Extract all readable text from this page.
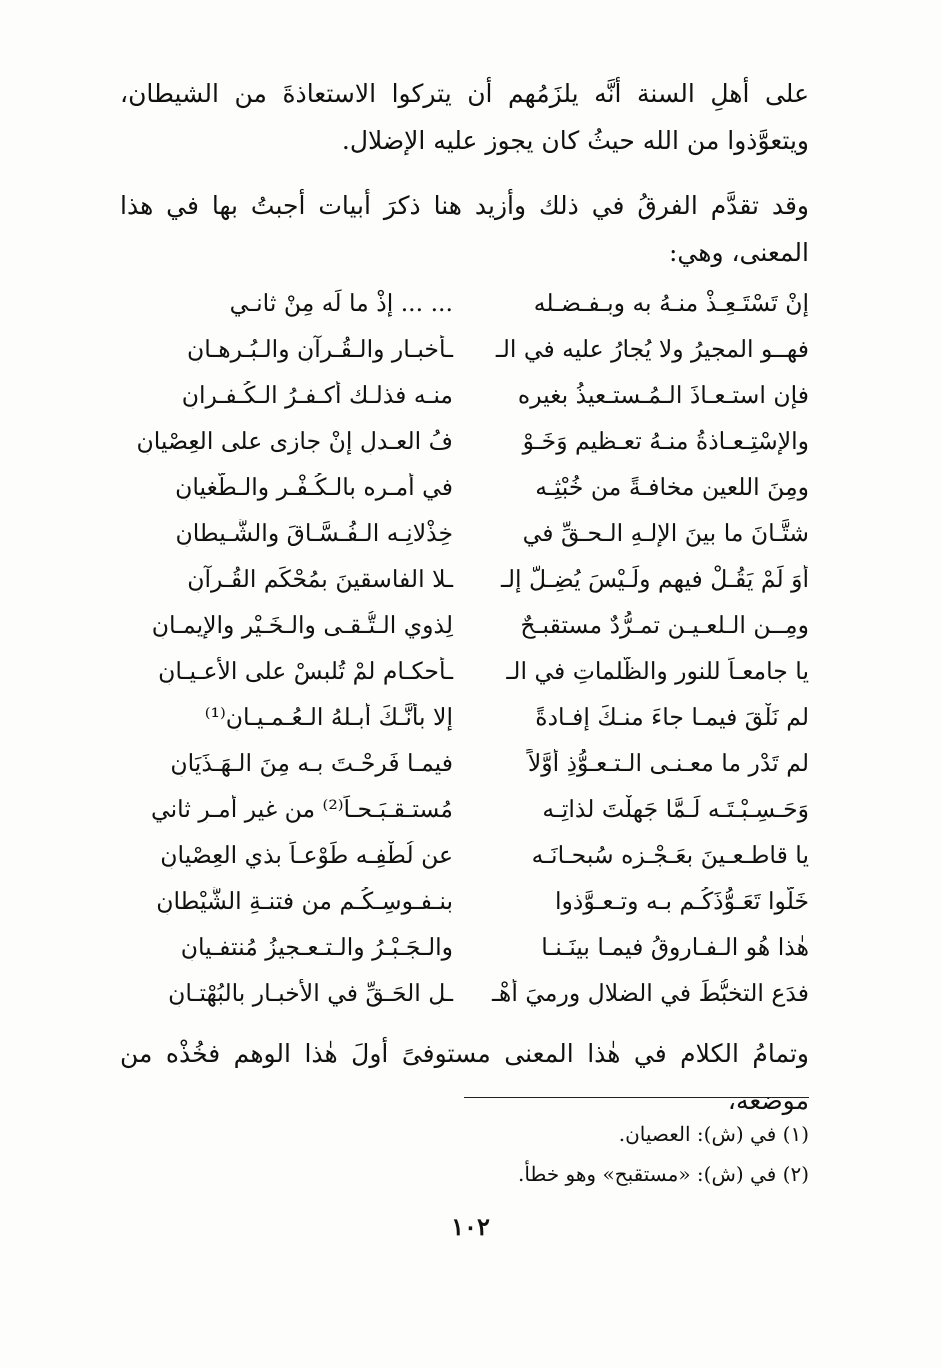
على أهلِ السنة أنَّه يلزَمُهم أن يتركوا الاستعاذةَ من الشيطان، ويتعوَّذوا من الله حيثُ كان يجوز عليه الإضلال.

وقد تقدَّم الفرقُ في ذلك وأزيد هنا ذكرَ أبيات أجبتُ بها في هذا المعنى، وهي:

إنْ تَسْتَـعِـذْ منـهُ به وبـفـضـله
... ... إذْ ما لَه مِنْ ثانـي
فهــو المجيرُ ولا يُجارُ عليه في الـ
ـأخبـار والـقُـرآنِ والـبُـرهـانِ
فإن استـعـاذَ الـمُـستـعيذُ بغيره
منـه فذلـك أكـفـرُ الـكُـفـرانِ
والإسْتِـعـاذةُ منـهُ تعـظيم وَخَـوْ
فُ العـدلِ إنْ جازى على العِصْيانِ
ومِنَ اللعينِ مخافـةً من خُبْثِـه
في أمـرِه بالـكُـفْـرِ والـطُّغيانِ
شتَّـانَ ما بينَ الإلـهِ الـحـقِّ في
خِذْلانِـه الـفُـسَّـاقَ والشَّـيطانِ
أوَ لَمْ يَقُـلْ فيهم ولَـيْسَ يُضِـلُّ إلـ
ـلا الفاسقينَ بمُحْكَمِ القُـرآنِ
ومِــن الـلعـيـن تمـرُّدٌ مستقبـحٌ
لِذوي الـتُّـقـى والـخَـيْرِ والإيمـانِ
يا جامعـاً للنورِ والظُّلماتِ في الـ
ـأحكـامِ لمْ تُلبسْ على الأعـيـانِ
لم نَلْقَ فيمـا جاءَ منـكَ إفـادةً
إلا بأنَّـكَ أبـلهُ الـعُـمـيـانِ⁽¹⁾
لم تَدْرِ ما معـنـى الـتـعـوُّذِ أوَّلاً
فيمـا فَرِحْـتَ بـه مِنَ الـهَـذَيَانِ
وَحَـسِـبْـتَـه لَـمَّا جَهِلْتَ لذاتِـه
مُستـقـبَـحـاً⁽²⁾ من غير أمـرٍ ثاني
يا قاطـعـينَ بعَـجْـزِه سُبحـانَـه
عن لُطْفِـه طَوْعـاً بذي العِصْيانِ
خَلُّوا تَعَـوُّذَكُـم بـه وتـعـوَّذوا
بنـفـوسِـكُـم من فتنـةِ الشَّيْطانِ
هٰذا هُو الـفـاروقُ فيمـا بينَـنـا
والـجَـبْـرُ والـتـعـجيزُ مُنتفـيانِ
فدَعِ التخبُّطَ في الضلالِ ورميَ أهْـ
ـلِ الحَـقِّ في الأخبـارِ بالبُهْتـانِ

وتمامُ الكلام في هٰذا المعنى مستوفىً أولَ هٰذا الوهم فخُذْه من موضعه،

(١) في (ش): العصيان.
(٢) في (ش): «مستقبح» وهو خطأ.
١٠٢
